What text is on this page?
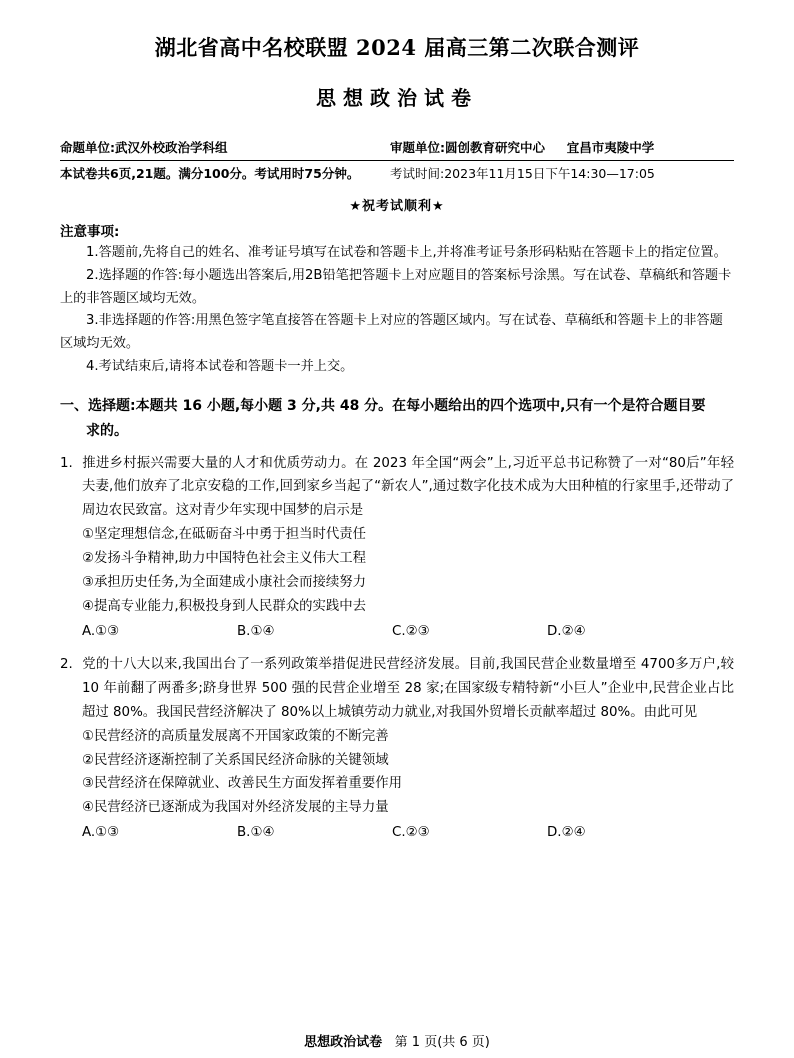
湖北省高中名校联盟 2024 届高三第二次联合测评
思想政治试卷
命题单位:武汉外校政治学科组	审题单位:圆创教育研究中心 宜昌市夷陵中学
本试卷共6页,21题。满分100分。考试用时75分钟。	考试时间:2023年11月15日下午14:30—17:05
★祝考试顺利★
注意事项:

1.答题前,先将自己的姓名、准考证号填写在试卷和答题卡上,并将准考证号条形码粘贴在答题卡上的指定位置。

2.选择题的作答:每小题选出答案后,用2B铅笔把答题卡上对应题目的答案标号涂黑。写在试卷、草稿纸和答题卡上的非答题区域均无效。

3.非选择题的作答:用黑色签字笔直接答在答题卡上对应的答题区域内。写在试卷、草稿纸和答题卡上的非答题区域均无效。

4.考试结束后,请将本试卷和答题卡一并上交。

一、选择题:本题共 16 小题,每小题 3 分,共 48 分。在每小题给出的四个选项中,只有一个是符合题目要
求的。
1. 推进乡村振兴需要大量的人才和优质劳动力。在 2023 年全国“两会”上,习近平总书记称赞了一对“80后”年轻夫妻,他们放弃了北京安稳的工作,回到家乡当起了“新农人”,通过数字化技术成为大田种植的行家里手,还带动了周边农民致富。这对青少年实现中国梦的启示是
①坚定理想信念,在砥砺奋斗中勇于担当时代责任
②发扬斗争精神,助力中国特色社会主义伟大工程
③承担历史任务,为全面建成小康社会而接续努力
④提高专业能力,积极投身到人民群众的实践中去
A.①③	B.①④	C.②③	D.②④
2. 党的十八大以来,我国出台了一系列政策举措促进民营经济发展。目前,我国民营企业数量增至 4700多万户,较 10 年前翻了两番多;跻身世界 500 强的民营企业增至 28 家;在国家级专精特新“小巨人”企业中,民营企业占比超过 80%。我国民营经济解决了 80%以上城镇劳动力就业,对我国外贸增长贡献率超过 80%。由此可见
①民营经济的高质量发展离不开国家政策的不断完善
②民营经济逐渐控制了关系国民经济命脉的关键领域
③民营经济在保障就业、改善民生方面发挥着重要作用
④民营经济已逐渐成为我国对外经济发展的主导力量
A.①③	B.①④	C.②③	D.②④
思想政治试卷 第 1 页(共 6 页)
